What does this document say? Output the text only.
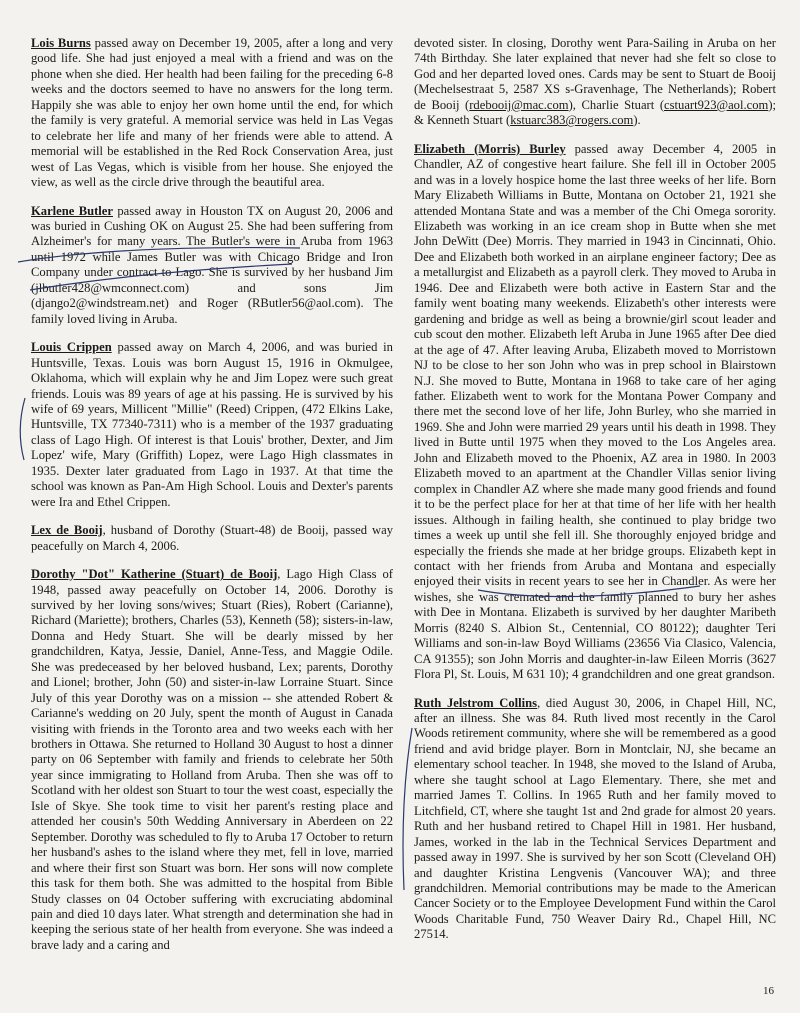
Lois Burns passed away on December 19, 2005, after a long and very good life. She had just enjoyed a meal with a friend and was on the phone when she died. Her health had been failing for the preceding 6-8 weeks and the doctors seemed to have no answers for the long term. Happily she was able to enjoy her own home until the end, for which the family is very grateful. A memorial service was held in Las Vegas to celebrate her life and many of her friends were able to attend. A memorial will be established in the Red Rock Conservation Area, just west of Las Vegas, which is visible from her house. She enjoyed the view, as well as the circle drive through the beautiful area.

Karlene Butler passed away in Houston TX on August 20, 2006 and was buried in Cushing OK on August 25. She had been suffering from Alzheimer's for many years. The Butler's were in Aruba from 1963 until 1972 while James Butler was with Chicago Bridge and Iron Company under contract to Lago. She is survived by her husband Jim (jlbutler428@wmconnect.com) and sons Jim (django2@windstream.net) and Roger (RButler56@aol.com). The family loved living in Aruba.

Louis Crippen passed away on March 4, 2006, and was buried in Huntsville, Texas. Louis was born August 15, 1916 in Okmulgee, Oklahoma, which will explain why he and Jim Lopez were such great friends. Louis was 89 years of age at his passing. He is survived by his wife of 69 years, Millicent "Millie" (Reed) Crippen, (472 Elkins Lake, Huntsville, TX 77340-7311) who is a member of the 1937 graduating class of Lago High. Of interest is that Louis' brother, Dexter, and Jim Lopez' wife, Mary (Griffith) Lopez, were Lago High classmates in 1935. Dexter later graduated from Lago in 1937. At that time the school was known as Pan-Am High School. Louis and Dexter's parents were Ira and Ethel Crippen.

Lex de Booij, husband of Dorothy (Stuart-48) de Booij, passed way peacefully on March 4, 2006.

Dorothy "Dot" Katherine (Stuart) de Booij, Lago High Class of 1948, passed away peacefully on October 14, 2006. Dorothy is survived by her loving sons/wives; Stuart (Ries), Robert (Carianne), Richard (Mariette); brothers, Charles (53), Kenneth (58); sisters-in-law, Donna and Hedy Stuart. She will be dearly missed by her grandchildren, Katya, Jessie, Daniel, Anne-Tess, and Maggie Odile. She was predeceased by her beloved husband, Lex; parents, Dorothy and Lionel; brother, John (50) and sister-in-law Lorraine Stuart. Since July of this year Dorothy was on a mission -- she attended Robert & Carianne's wedding on 20 July, spent the month of August in Canada visiting with friends in the Toronto area and two weeks each with her brothers in Ottawa. She returned to Holland 30 August to host a dinner party on 06 September with family and friends to celebrate her 50th year since immigrating to Holland from Aruba. Then she was off to Scotland with her oldest son Stuart to tour the west coast, especially the Isle of Skye. She took time to visit her parent's resting place and attended her cousin's 50th Wedding Anniversary in Aberdeen on 22 September. Dorothy was scheduled to fly to Aruba 17 October to return her husband's ashes to the island where they met, fell in love, married and where their first son Stuart was born. Her sons will now complete this task for them both. She was admitted to the hospital from Bible Study classes on 04 October suffering with excruciating abdominal pain and died 10 days later. What strength and determination she had in keeping the serious state of her health from everyone. She was indeed a brave lady and a caring and

devoted sister. In closing, Dorothy went Para-Sailing in Aruba on her 74th Birthday. She later explained that never had she felt so close to God and her departed loved ones. Cards may be sent to Stuart de Booij (Mechelsestraat 5, 2587 XS s-Gravenhage, The Netherlands); Robert de Booij (rdebooij@mac.com), Charlie Stuart (cstuart923@aol.com); & Kenneth Stuart (kstuarc383@rogers.com).

Elizabeth (Morris) Burley passed away December 4, 2005 in Chandler, AZ of congestive heart failure. She fell ill in October 2005 and was in a lovely hospice home the last three weeks of her life. Born Mary Elizabeth Williams in Butte, Montana on October 21, 1921 she attended Montana State and was a member of the Chi Omega sorority. Elizabeth was working in an ice cream shop in Butte when she met John DeWitt (Dee) Morris. They married in 1943 in Cincinnati, Ohio. Dee and Elizabeth both worked in an airplane engineer factory; Dee as a metallurgist and Elizabeth as a payroll clerk. They moved to Aruba in 1946. Dee and Elizabeth were both active in Eastern Star and the family went boating many weekends. Elizabeth's other interests were gardening and bridge as well as being a brownie/girl scout leader and cub scout den mother. Elizabeth left Aruba in June 1965 after Dee died at the age of 47. After leaving Aruba, Elizabeth moved to Morristown NJ to be close to her son John who was in prep school in Blairstown N.J. She moved to Butte, Montana in 1968 to take care of her aging father. Elizabeth went to work for the Montana Power Company and there met the second love of her life, John Burley, who she married in 1969. She and John were married 29 years until his death in 1998. They lived in Butte until 1975 when they moved to the Los Angeles area. John and Elizabeth moved to the Phoenix, AZ area in 1980. In 2003 Elizabeth moved to an apartment at the Chandler Villas senior living complex in Chandler AZ where she made many good friends and found it to be the perfect place for her at that time of her life with her health issues. Although in failing health, she continued to play bridge two times a week up until she fell ill. She thoroughly enjoyed bridge and especially the friends she made at her bridge groups. Elizabeth kept in contact with her friends from Aruba and Montana and especially enjoyed their visits in recent years to see her in Chandler. As were her wishes, she was cremated and the family planned to bury her ashes with Dee in Montana. Elizabeth is survived by her daughter Maribeth Morris (8240 S. Albion St., Centennial, CO 80122); daughter Teri Williams and son-in-law Boyd Williams (23656 Via Clasico, Valencia, CA 91355); son John Morris and daughter-in-law Eileen Morris (3627 Flora Pl, St. Louis, M 631 10); 4 grandchildren and one great grandson.

Ruth Jelstrom Collins, died August 30, 2006, in Chapel Hill, NC, after an illness. She was 84. Ruth lived most recently in the Carol Woods retirement community, where she will be remembered as a good friend and avid bridge player. Born in Montclair, NJ, she became an elementary school teacher. In 1948, she moved to the Island of Aruba, where she taught school at Lago Elementary. There, she met and married James T. Collins. In 1965 Ruth and her family moved to Litchfield, CT, where she taught 1st and 2nd grade for almost 20 years. Ruth and her husband retired to Chapel Hill in 1981. Her husband, James, worked in the lab in the Technical Services Department and passed away in 1997. She is survived by her son Scott (Cleveland OH) and daughter Kristina Lengvenis (Vancouver WA); and three grandchildren. Memorial contributions may be made to the American Cancer Society or to the Employee Development Fund within the Carol Woods Charitable Fund, 750 Weaver Dairy Rd., Chapel Hill, NC 27514.

16
